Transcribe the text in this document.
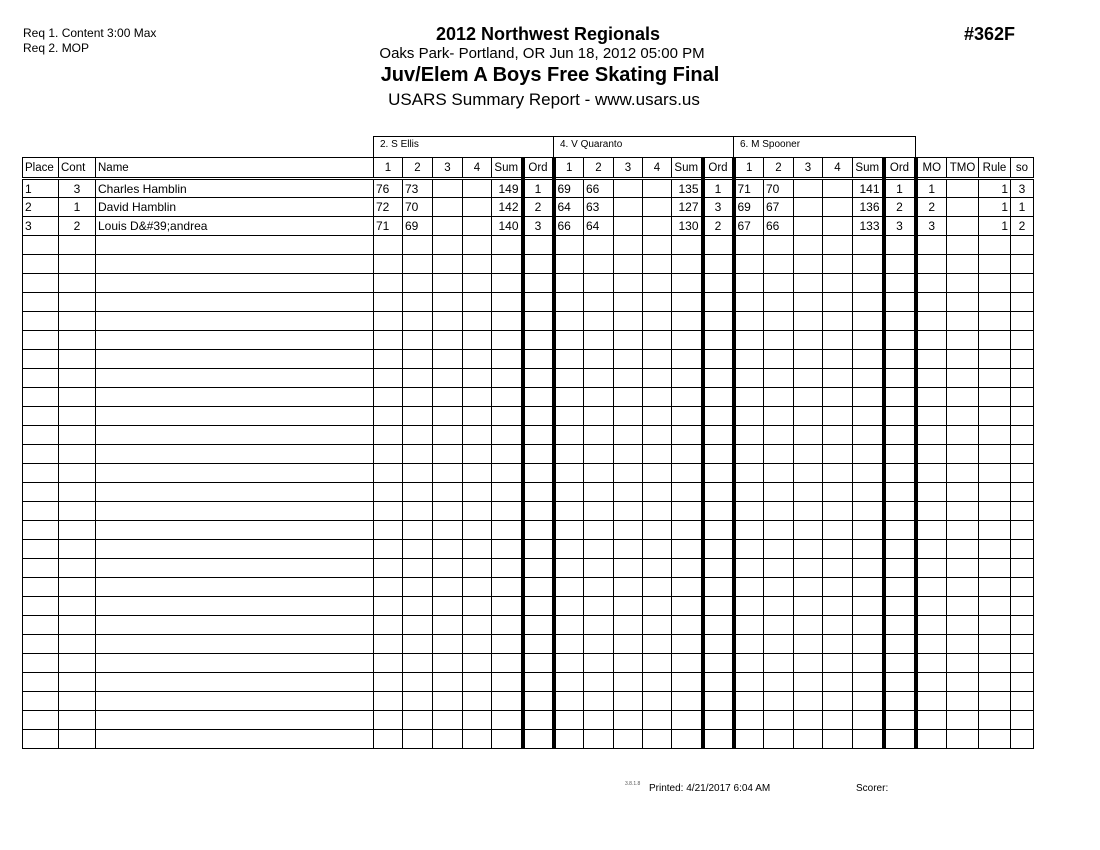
Req 1. Content 3:00 Max
Req 2. MOP
2012 Northwest Regionals
Oaks Park- Portland, OR Jun 18, 2012 05:00 PM
Juv/Elem A Boys Free Skating Final
USARS Summary Report - www.usars.us
#362F
2. S Ellis	4. V Quaranto	6. M Spooner
Place	Cont	Name	1	2	3	4	Sum	Ord	1	2	3	4	Sum	Ord	1	2	3	4	Sum	Ord	MO	TMO	Rule	so
1	3	Charles Hamblin	76	73			149	1	69	66			135	1	71	70			141	1	1		1	3
2	1	David Hamblin	72	70			142	2	64	63			127	3	69	67			136	2	2		1	1
3	2	Louis D&#39;andrea	71	69			140	3	66	64			130	2	67	66			133	3	3		1	2

3.8.1.8 Printed: 4/21/2017 6:04 AM	Scorer:
